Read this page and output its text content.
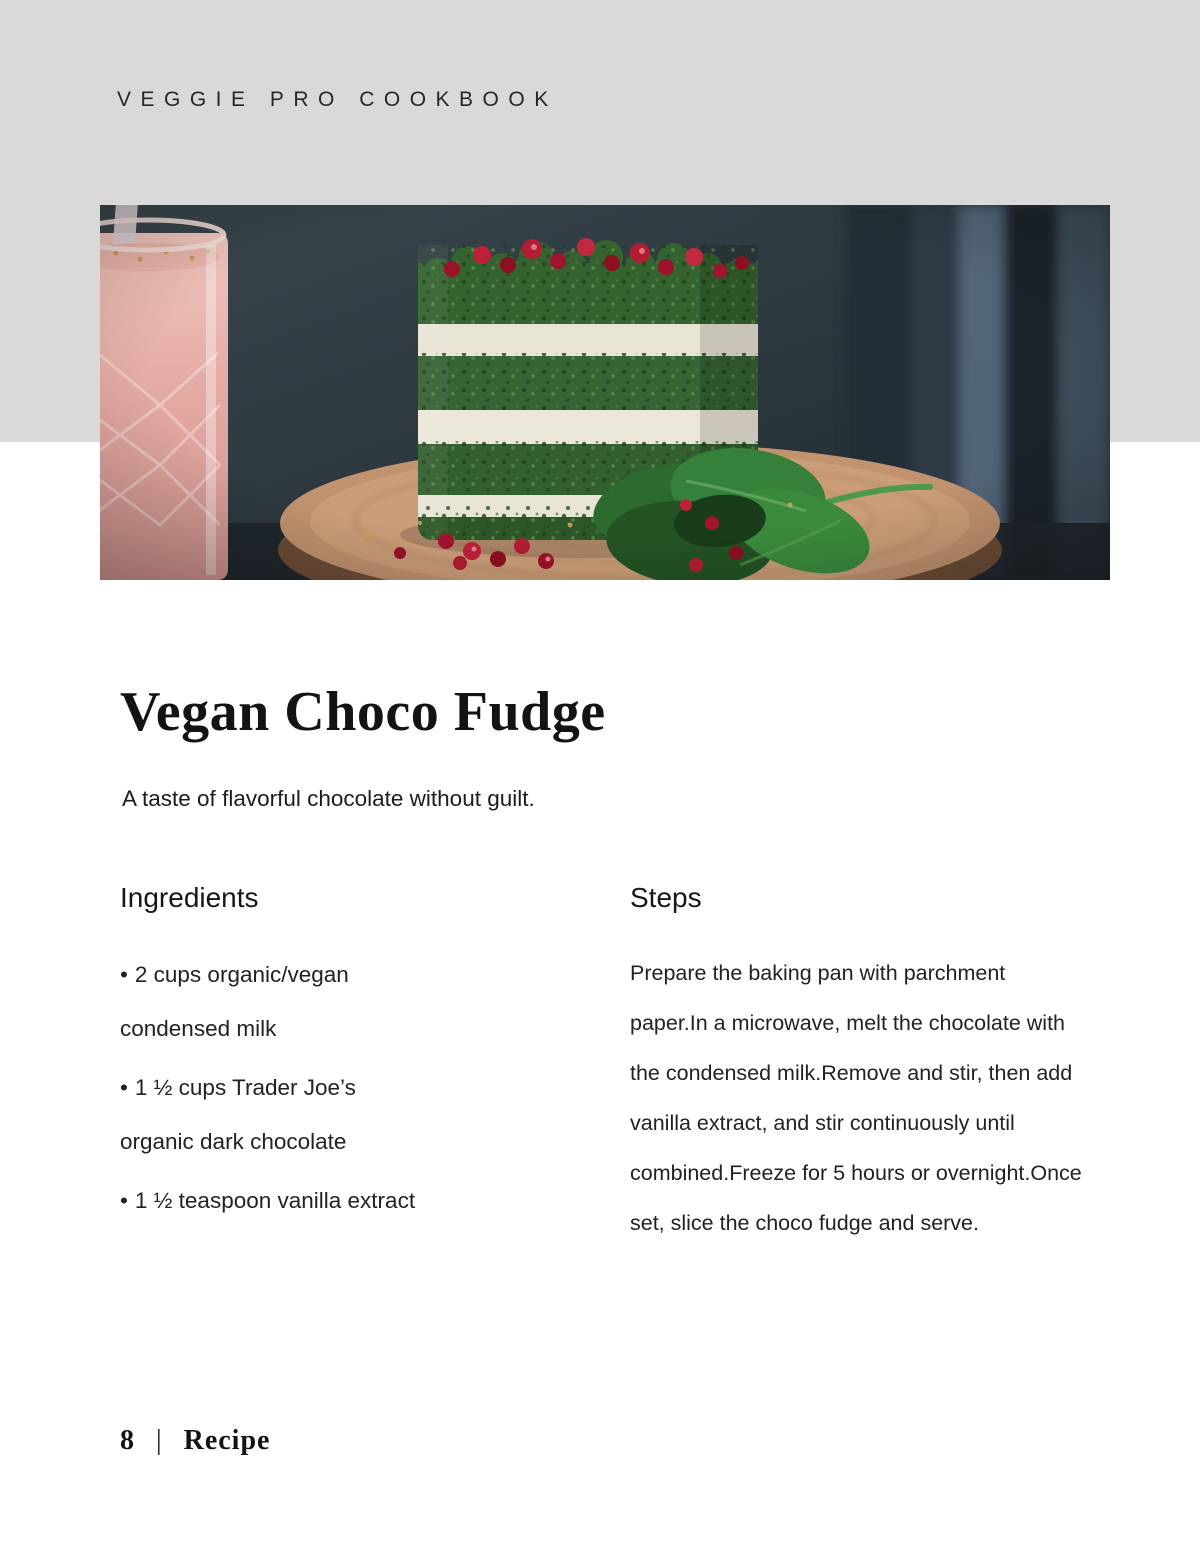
VEGGIE PRO COOKBOOK
Vegan Choco Fudge

A taste of flavorful chocolate without guilt.

Ingredients
• 2 cups organic/vegan condensed milk
• 1 ½ cups Trader Joe’s organic dark chocolate
• 1 ½ teaspoon vanilla extract
Steps

Prepare the baking pan with parchment paper.In a microwave, melt the chocolate with the condensed milk.Remove and stir, then add vanilla extract, and stir continuously until combined.Freeze for 5 hours or overnight.Once set, slice the choco fudge and serve.

8 | Recipe
